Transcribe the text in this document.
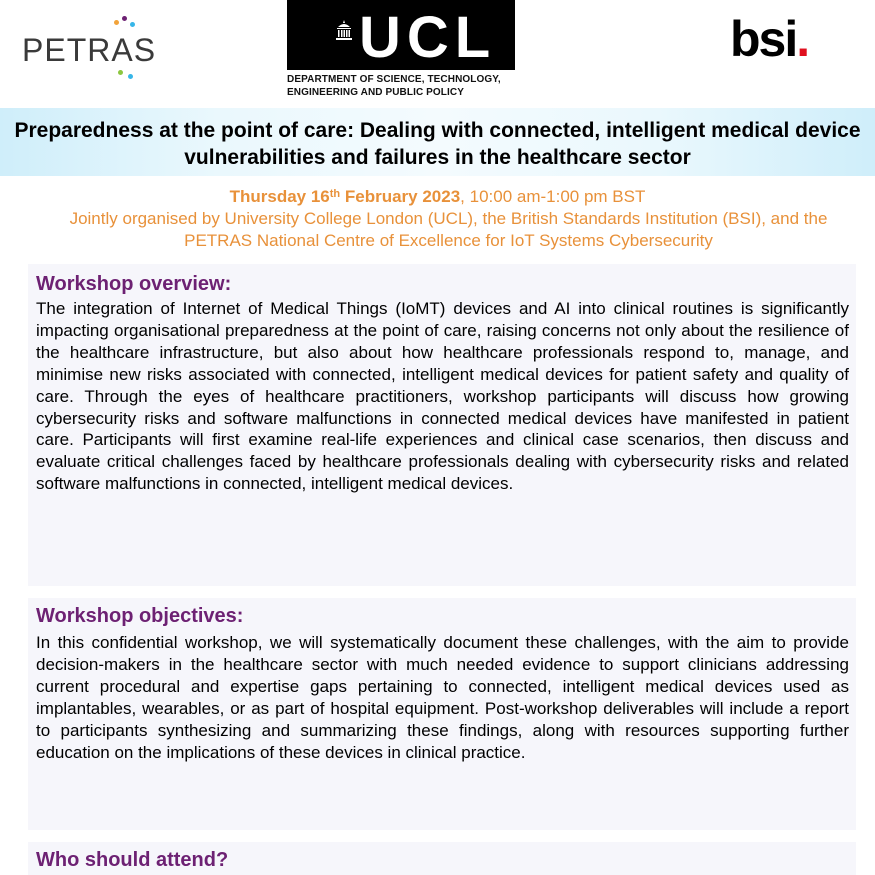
PETRAS	UCL
DEPARTMENT OF SCIENCE, TECHNOLOGY, ENGINEERING AND PUBLIC POLICY
bsi.
Preparedness at the point of care: Dealing with connected, intelligent medical device vulnerabilities and failures in the healthcare sector
Thursday 16th February 2023, 10:00 am-1:00 pm BST
Jointly organised by University College London (UCL), the British Standards Institution (BSI), and the PETRAS National Centre of Excellence for IoT Systems Cybersecurity
Workshop overview:
The integration of Internet of Medical Things (IoMT) devices and AI into clinical routines is significantly impacting organisational preparedness at the point of care, raising concerns not only about the resilience of the healthcare infrastructure, but also about how healthcare professionals respond to, manage, and minimise new risks associated with connected, intelligent medical devices for patient safety and quality of care. Through the eyes of healthcare practitioners, workshop participants will discuss how growing cybersecurity risks and software malfunctions in connected medical devices have manifested in patient care. Participants will first examine real-life experiences and clinical case scenarios, then discuss and evaluate critical challenges faced by healthcare professionals dealing with cybersecurity risks and related software malfunctions in connected, intelligent medical devices.
Workshop objectives:
In this confidential workshop, we will systematically document these challenges, with the aim to provide decision-makers in the healthcare sector with much needed evidence to support clinicians addressing current procedural and expertise gaps pertaining to connected, intelligent medical devices used as implantables, wearables, or as part of hospital equipment. Post-workshop deliverables will include a report to participants synthesizing and summarizing these findings, along with resources supporting further education on the implications of these devices in clinical practice.
Who should attend?
